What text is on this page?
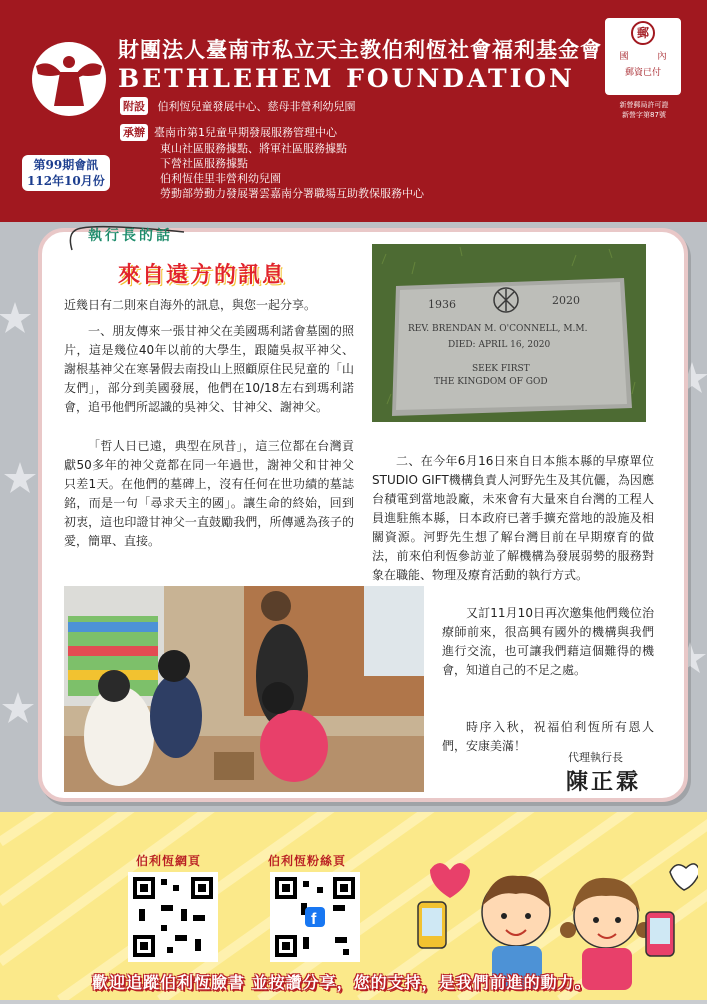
財團法人臺南市私立天主教伯利恆社會福利基金會
BETHLEHEM FOUNDATION
郵
國	內
郵資已付
新營郵局許可證
新營字第87號
附設 伯利恆兒童發展中心、慈母非營利幼兒園
承辦 臺南市第1兒童早期發展服務管理中心
東山社區服務據點、將軍社區服務據點
下營社區服務據點
伯利恆佳里非營利幼兒園
勞動部勞動力發展署雲嘉南分署職場互助教保服務中心
第99期會訊
112年10月份
執行長的話
來自遠方的訊息
近幾日有二則來自海外的訊息，與您一起分享。
一、朋友傳來一張甘神父在美國瑪利諾會墓園的照片，這是幾位40年以前的大學生，跟隨吳叔平神父、謝根基神父在寒暑假去南投山上照顧原住民兒童的「山友們」，部分到美國發展，他們在10/18左右到瑪利諾會，追弔他們所認識的吳神父、甘神父、謝神父。
「哲人日已遠，典型在夙昔」，這三位都在台灣貢獻50多年的神父竟都在同一年過世，謝神父和甘神父只差1天。在他們的墓碑上，沒有任何在世功績的墓誌銘，而是一句「尋求天主的國」。讓生命的終始，回到初衷，這也印證甘神父一直鼓勵我們，所傳遞為孩子的愛，簡單、直接。
二、在今年6月16日來自日本熊本縣的早療單位STUDIO GIFT機構負責人河野先生及其伉儷，為因應台積電到當地設廠，未來會有大量來自台灣的工程人員進駐熊本縣，日本政府已著手擴充當地的設施及相關資源。河野先生想了解台灣目前在早期療育的做法，前來伯利恆參訪並了解機構為發展弱勢的服務對象在職能、物理及療育活動的執行方式。
又訂11月10日再次邀集他們幾位治療師前來，很高興有國外的機構與我們進行交流，也可讓我們藉這個難得的機會，知道自己的不足之處。
時序入秋，祝福伯利恆所有恩人們，安康美滿！
代理執行長
陳正霖
1936	2020
REV. BRENDAN M. O'CONNELL, M.M.
DIED: APRIL 16, 2020
SEEK FIRST
THE KINGDOM OF GOD
伯利恆網頁	伯利恆粉絲頁
f
歡迎追蹤伯利恆臉書 並按讚分享，您的支持，是我們前進的動力。
